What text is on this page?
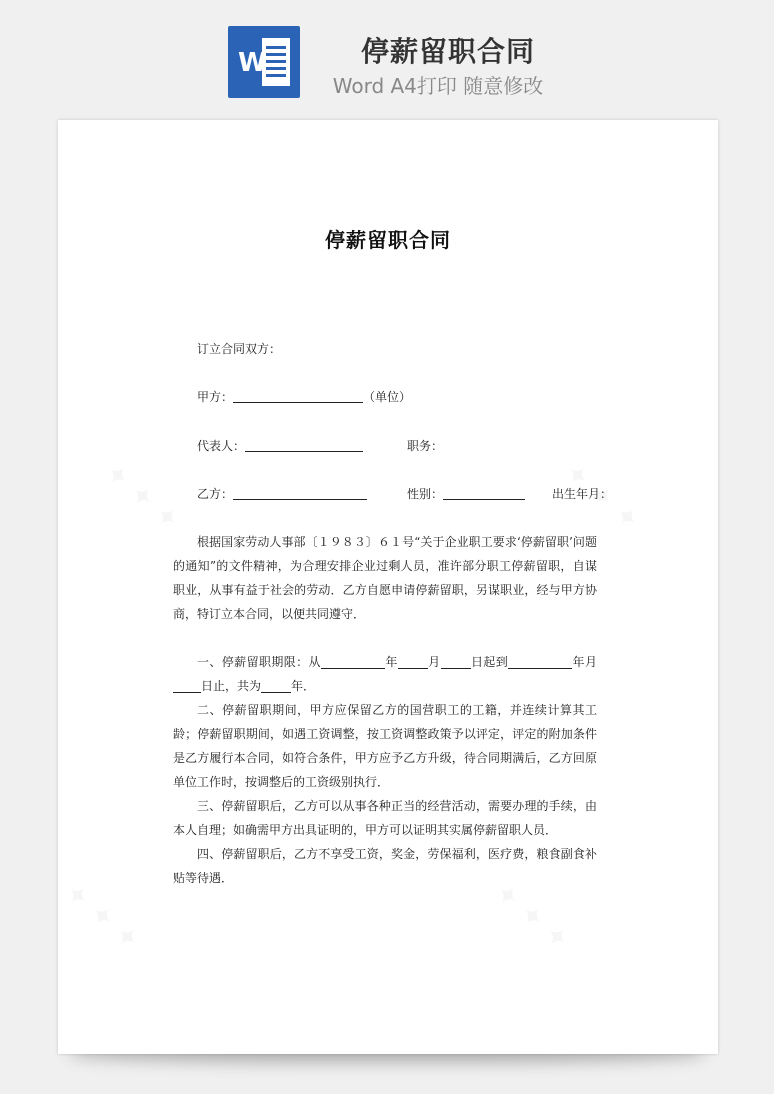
W	停薪留职合同
Word A4打印 随意修改
停薪留职合同
订立合同双方：
甲方：	（单位）
代表人：	职务：
乙方：	性别：	出生年月：

根据国家劳动人事部〔１９８３〕６１号“关于企业职工要求‘停薪留职’问题的通知”的文件精神，为合理安排企业过剩人员，准许部分职工停薪留职，自谋职业，从事有益于社会的劳动．乙方自愿申请停薪留职，另谋职业，经与甲方协商，特订立本合同，以便共同遵守．

一、停薪留职期限：从	年	月	日起到	年月日止，共为	年．

二、停薪留职期间，甲方应保留乙方的国营职工的工籍，并连续计算其工龄；停薪留职期间，如遇工资调整，按工资调整政策予以评定，评定的附加条件是乙方履行本合同，如符合条件，甲方应予乙方升级，待合同期满后，乙方回原单位工作时，按调整后的工资级别执行．

三、停薪留职后，乙方可以从事各种正当的经营活动，需要办理的手续，由本人自理；如确需甲方出具证明的，甲方可以证明其实属停薪留职人员．

四、停薪留职后，乙方不享受工资，奖金，劳保福利，医疗费，粮食副食补贴等待遇．
